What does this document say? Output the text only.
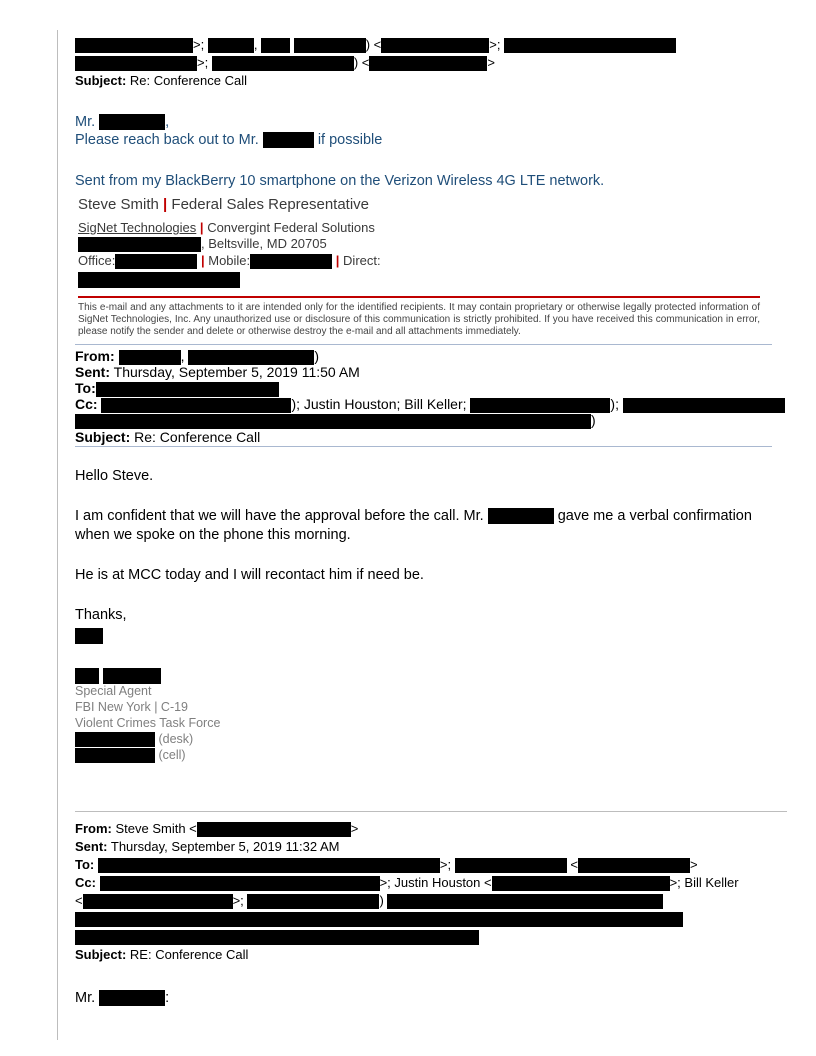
>;	,	) <	>;
>;	) <	>
Subject: Re: Conference Call
Mr.	,
Please reach back out to Mr.	if possible
Sent from my BlackBerry 10 smartphone on the Verizon Wireless 4G LTE network.
Steve Smith | Federal Sales Representative
SigNet Technologies | Convergint Federal Solutions
, Beltsville, MD 20705
Office:	| Mobile:	| Direct:
This e-mail and any attachments to it are intended only for the identified recipients. It may contain proprietary or otherwise legally protected information of SigNet Technologies, Inc. Any unauthorized use or disclosure of this communication is strictly prohibited. If you have received this communication in error, please notify the sender and delete or otherwise destroy the e-mail and all attachments immediately.
From:	,	)
Sent: Thursday, September 5, 2019 11:50 AM
To:
Cc:	); Justin Houston; Bill Keller;	);
)
Subject: Re: Conference Call
Hello Steve.
I am confident that we will have the approval before the call. Mr.	gave me a verbal confirmation
when we spoke on the phone this morning.
He is at MCC today and I will recontact him if need be.
Thanks,

Special Agent
FBI New York | C-19
Violent Crimes Task Force
(desk)
(cell)
From: Steve Smith <	>
Sent: Thursday, September 5, 2019 11:32 AM
To:	>;	<	>
Cc:	>; Justin Houston <	>; Bill Keller
<	>;	)
Subject: RE: Conference Call
Mr.	:
